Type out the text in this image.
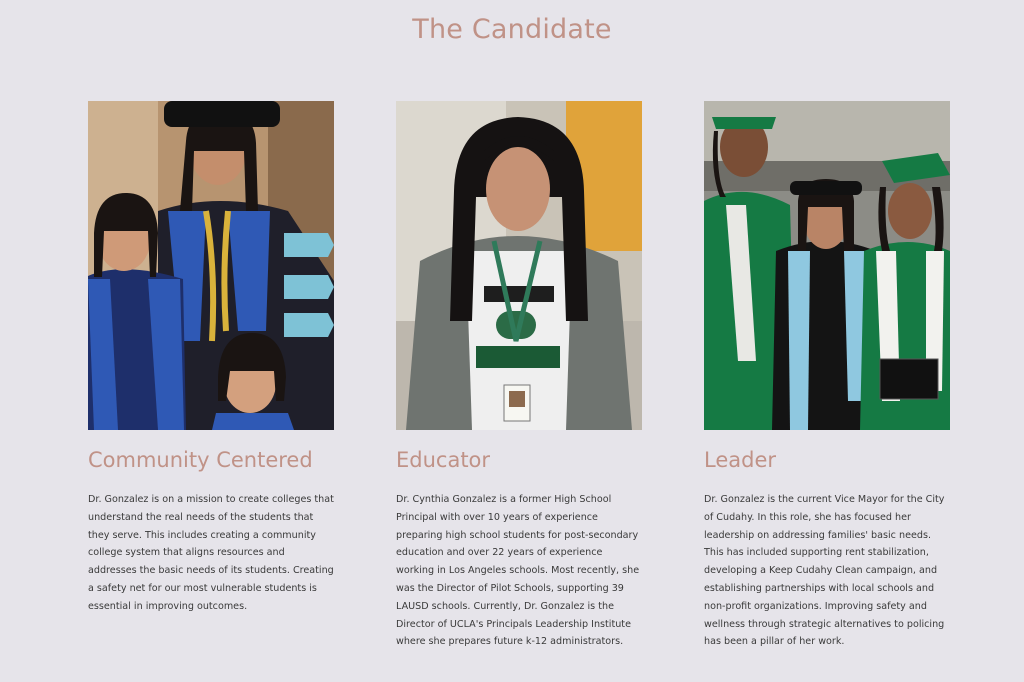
The Candidate
Community Centered

Dr. Gonzalez is on a mission to create colleges that understand the real needs of the students that they serve. This includes creating a community college system that aligns resources and addresses the basic needs of its students. Creating a safety net for our most vulnerable students is essential in improving outcomes.

Educator

Dr. Cynthia Gonzalez is a former High School Principal with over 10 years of experience preparing high school students for post-secondary education and over 22 years of experience working in Los Angeles schools. Most recently, she was the Director of Pilot Schools, supporting 39 LAUSD schools. Currently, Dr. Gonzalez is the Director of UCLA's Principals Leadership Institute where she prepares future k-12 administrators.

Leader

Dr. Gonzalez is the current Vice Mayor for the City of Cudahy. In this role, she has focused her leadership on addressing families' basic needs. This has included supporting rent stabilization, developing a Keep Cudahy Clean campaign, and establishing partnerships with local schools and non-profit organizations. Improving safety and wellness through strategic alternatives to policing has been a pillar of her work.
